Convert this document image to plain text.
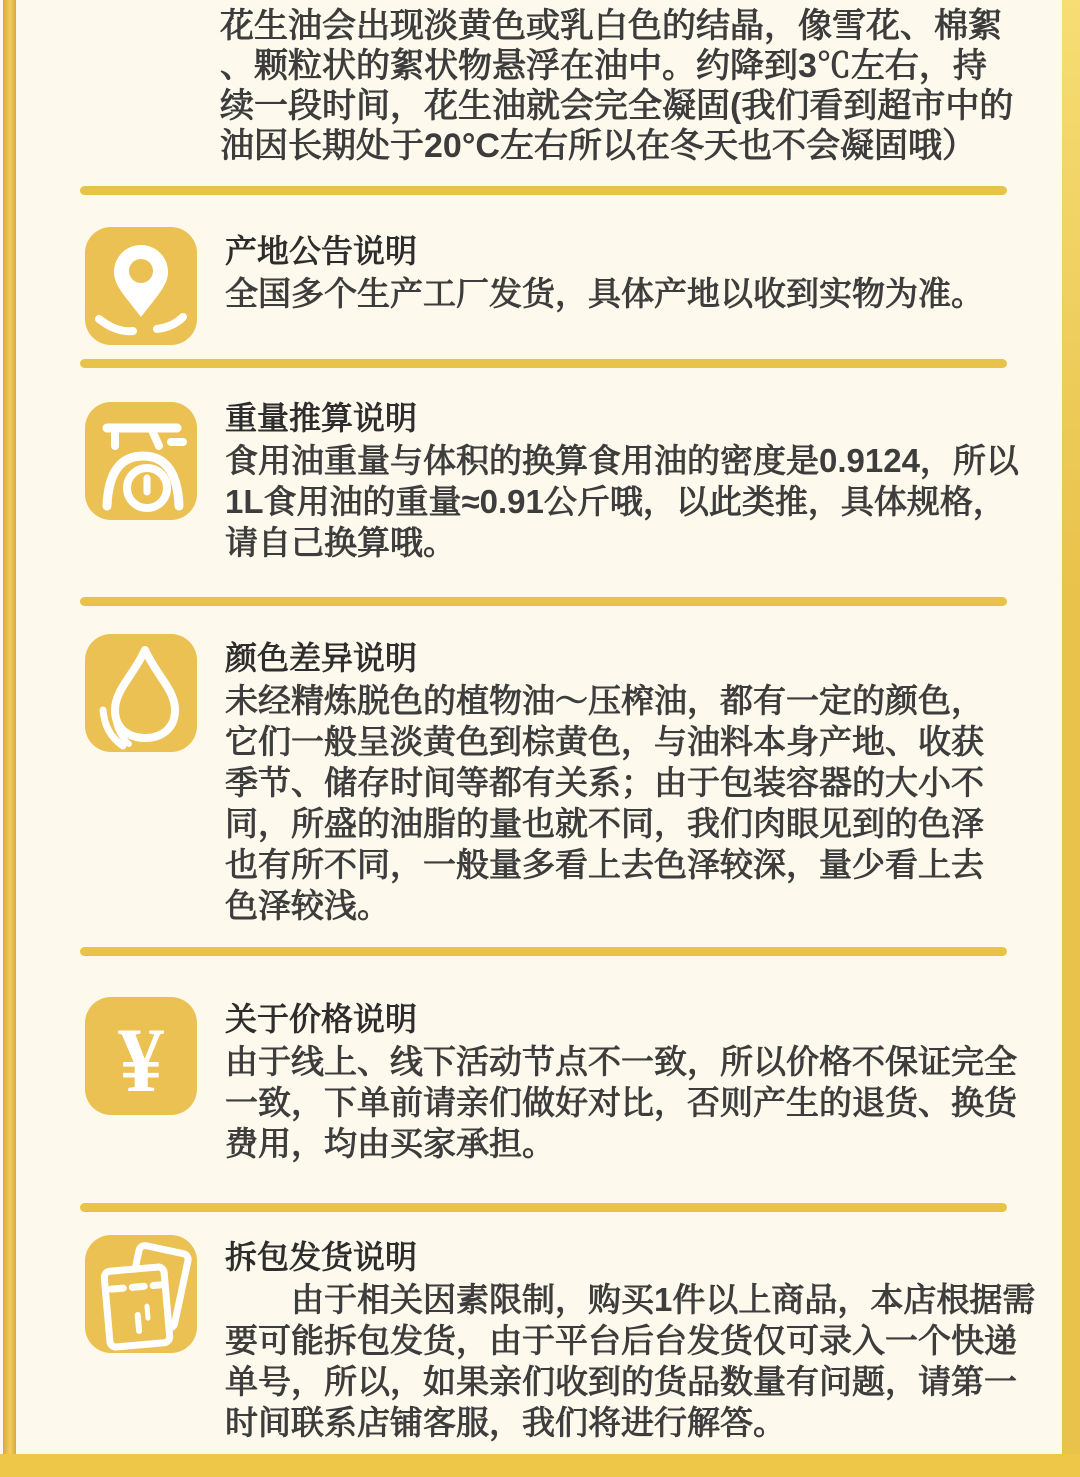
花生油会出现淡黄色或乳白色的结晶，像雪花、棉絮、颗粒状的絮状物悬浮在油中。约降到3℃左右，持续一段时间，花生油就会完全凝固(我们看到超市中的油因长期处于20°C左右所以在冬天也不会凝固哦）
产地公告说明
全国多个生产工厂发货，具体产地以收到实物为准。
重量推算说明
食用油重量与体积的换算食用油的密度是0.9124，所以1L食用油的重量≈0.91公斤哦，以此类推，具体规格，请自己换算哦。
颜色差异说明
未经精炼脱色的植物油～压榨油，都有一定的颜色，它们一般呈淡黄色到棕黄色，与油料本身产地、收获季节、储存时间等都有关系；由于包装容器的大小不同，所盛的油脂的量也就不同，我们肉眼见到的色泽也有所不同，一般量多看上去色泽较深，量少看上去色泽较浅。
¥ 关于价格说明
由于线上、线下活动节点不一致，所以价格不保证完全一致，下单前请亲们做好对比，否则产生的退货、换货费用，均由买家承担。
拆包发货说明
由于相关因素限制，购买1件以上商品，本店根据需要可能拆包发货，由于平台后台发货仅可录入一个快递单号，所以，如果亲们收到的货品数量有问题，请第一时间联系店铺客服，我们将进行解答。
